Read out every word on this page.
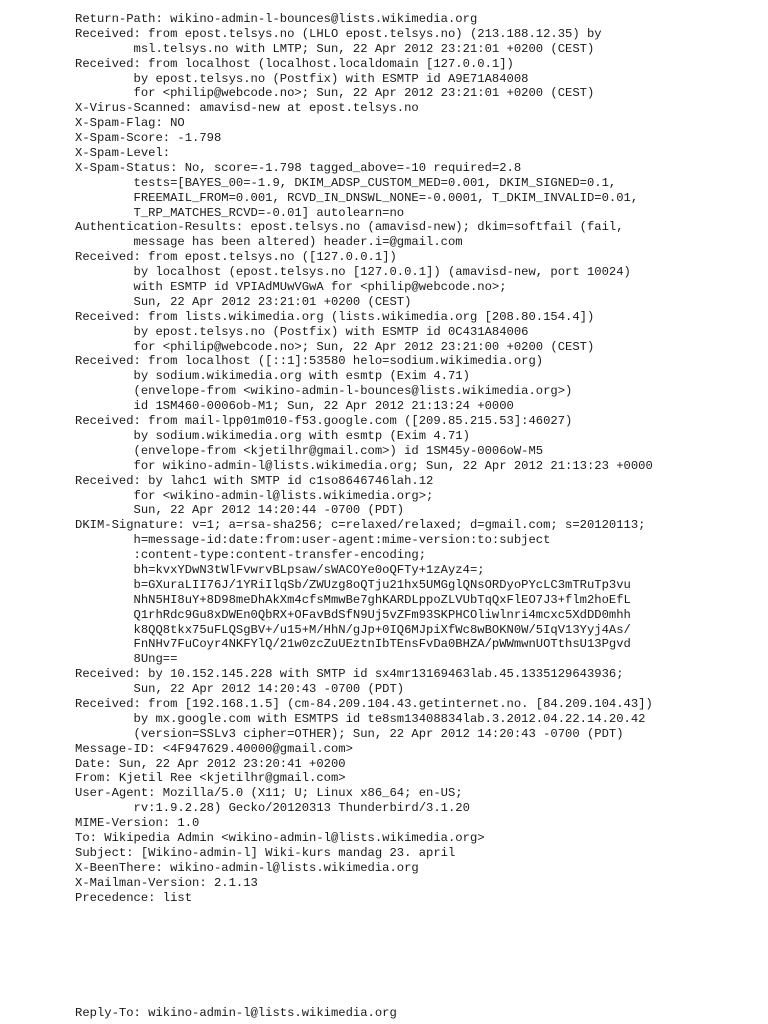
Return-Path: wikino-admin-l-bounces@lists.wikimedia.org
Received: from epost.telsys.no (LHLO epost.telsys.no) (213.188.12.35) by
msl.telsys.no with LMTP; Sun, 22 Apr 2012 23:21:01 +0200 (CEST)
Received: from localhost (localhost.localdomain [127.0.0.1])
by epost.telsys.no (Postfix) with ESMTP id A9E71A84008
for <philip@webcode.no>; Sun, 22 Apr 2012 23:21:01 +0200 (CEST)
X-Virus-Scanned: amavisd-new at epost.telsys.no
X-Spam-Flag: NO
X-Spam-Score: -1.798
X-Spam-Level:
X-Spam-Status: No, score=-1.798 tagged_above=-10 required=2.8
tests=[BAYES_00=-1.9, DKIM_ADSP_CUSTOM_MED=0.001, DKIM_SIGNED=0.1,
FREEMAIL_FROM=0.001, RCVD_IN_DNSWL_NONE=-0.0001, T_DKIM_INVALID=0.01,
T_RP_MATCHES_RCVD=-0.01] autolearn=no
Authentication-Results: epost.telsys.no (amavisd-new); dkim=softfail (fail,
message has been altered) header.i=@gmail.com
Received: from epost.telsys.no ([127.0.0.1])
by localhost (epost.telsys.no [127.0.0.1]) (amavisd-new, port 10024)
with ESMTP id VPIAdMUwVGwA for <philip@webcode.no>;
Sun, 22 Apr 2012 23:21:01 +0200 (CEST)
Received: from lists.wikimedia.org (lists.wikimedia.org [208.80.154.4])
by epost.telsys.no (Postfix) with ESMTP id 0C431A84006
for <philip@webcode.no>; Sun, 22 Apr 2012 23:21:00 +0200 (CEST)
Received: from localhost ([::1]:53580 helo=sodium.wikimedia.org)
by sodium.wikimedia.org with esmtp (Exim 4.71)
(envelope-from <wikino-admin-l-bounces@lists.wikimedia.org>)
id 1SM460-0006ob-M1; Sun, 22 Apr 2012 21:13:24 +0000
Received: from mail-lpp01m010-f53.google.com ([209.85.215.53]:46027)
by sodium.wikimedia.org with esmtp (Exim 4.71)
(envelope-from <kjetilhr@gmail.com>) id 1SM45y-0006oW-M5
for wikino-admin-l@lists.wikimedia.org; Sun, 22 Apr 2012 21:13:23 +0000
Received: by lahc1 with SMTP id c1so8646746lah.12
for <wikino-admin-l@lists.wikimedia.org>;
Sun, 22 Apr 2012 14:20:44 -0700 (PDT)
DKIM-Signature: v=1; a=rsa-sha256; c=relaxed/relaxed; d=gmail.com; s=20120113;
h=message-id:date:from:user-agent:mime-version:to:subject
:content-type:content-transfer-encoding;
bh=kvxYDwN3tWlFvwrvBLpsaw/sWACOYe0oQFTy+1zAyz4=;
b=GXuraLII76J/1YRiIlqSb/ZWUzg8oQTju21hx5UMGglQNsORDyoPYcLC3mTRuTp3vu
NhN5HI8uY+8D98meDhAkXm4cfsMmwBe7ghKARDLppoZLVUbTqQxFlEO7J3+flm2hoEfL
Q1rhRdc9Gu8xDWEn0QbRX+OFavBdSfN9Uj5vZFm93SKPHCOliwlnri4mcxc5XdDD0mhh
k8QQ8tkx75uFLQSgBV+/u15+M/HhN/gJp+0IQ6MJpiXfWc8wBOKN0W/5IqV13Yyj4As/
FnNHv7FuCoyr4NKFYlQ/21w0zcZuUEztnIbTEnsFvDa0BHZA/pWWmwnUOTthsU13Pgvd
8Ung==
Received: by 10.152.145.228 with SMTP id sx4mr13169463lab.45.1335129643936;
Sun, 22 Apr 2012 14:20:43 -0700 (PDT)
Received: from [192.168.1.5] (cm-84.209.104.43.getinternet.no. [84.209.104.43])
by mx.google.com with ESMTPS id te8sm13408834lab.3.2012.04.22.14.20.42
(version=SSLv3 cipher=OTHER); Sun, 22 Apr 2012 14:20:43 -0700 (PDT)
Message-ID: <4F947629.40000@gmail.com>
Date: Sun, 22 Apr 2012 23:20:41 +0200
From: Kjetil Ree <kjetilhr@gmail.com>
User-Agent: Mozilla/5.0 (X11; U; Linux x86_64; en-US;
rv:1.9.2.28) Gecko/20120313 Thunderbird/3.1.20
MIME-Version: 1.0
To: Wikipedia Admin <wikino-admin-l@lists.wikimedia.org>
Subject: [Wikino-admin-l] Wiki-kurs mandag 23. april
X-BeenThere: wikino-admin-l@lists.wikimedia.org
X-Mailman-Version: 2.1.13
Precedence: list
Reply-To: wikino-admin-l@lists.wikimedia.org
